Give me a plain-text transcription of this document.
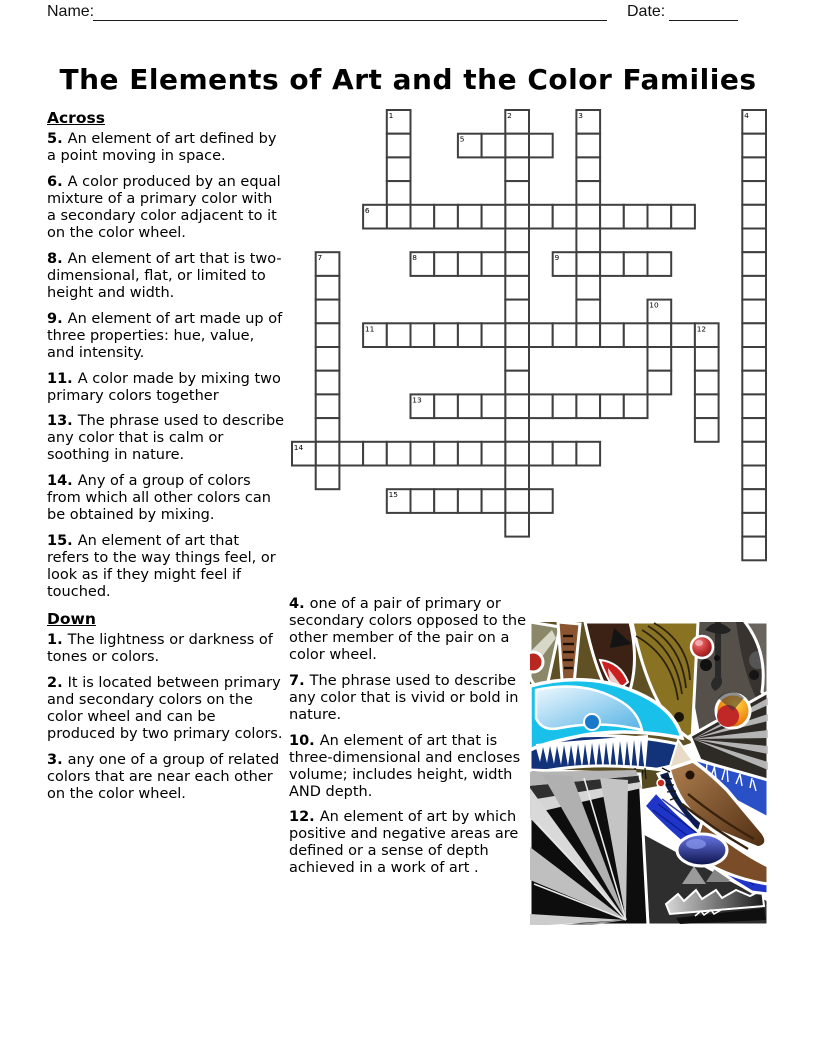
Name:	Date:
The Elements of Art and the Color Families
Across
5. An element of art defined by a point moving in space.
6. A color produced by an equal mixture of a primary color with a secondary color adjacent to it on the color wheel.
8. An element of art that is two-dimensional, flat, or limited to height and width.
9. An element of art made up of three properties: hue, value, and intensity.
11. A color made by mixing two primary colors together
13. The phrase used to describe any color that is calm or soothing in nature.
14. Any of a group of colors from which all other colors can be obtained by mixing.
15. An element of art that refers to the way things feel, or look as if they might feel if touched.
Down
1. The lightness or darkness of tones or colors.
2. It is located between primary and secondary colors on the color wheel and can be produced by two primary colors.
3. any one of a group of related colors that are near each other on the color wheel.
4. one of a pair of primary or secondary colors opposed to the other member of the pair on a color wheel.
7. The phrase used to describe any color that is vivid or bold in nature.
10. An element of art that is three-dimensional and encloses volume; includes height, width AND depth.
12. An element of art by which positive and negative areas are defined or a sense of depth achieved in a work of art .
1	2	3	4
5
6
7	8	9
10
11	12
13
14
15
